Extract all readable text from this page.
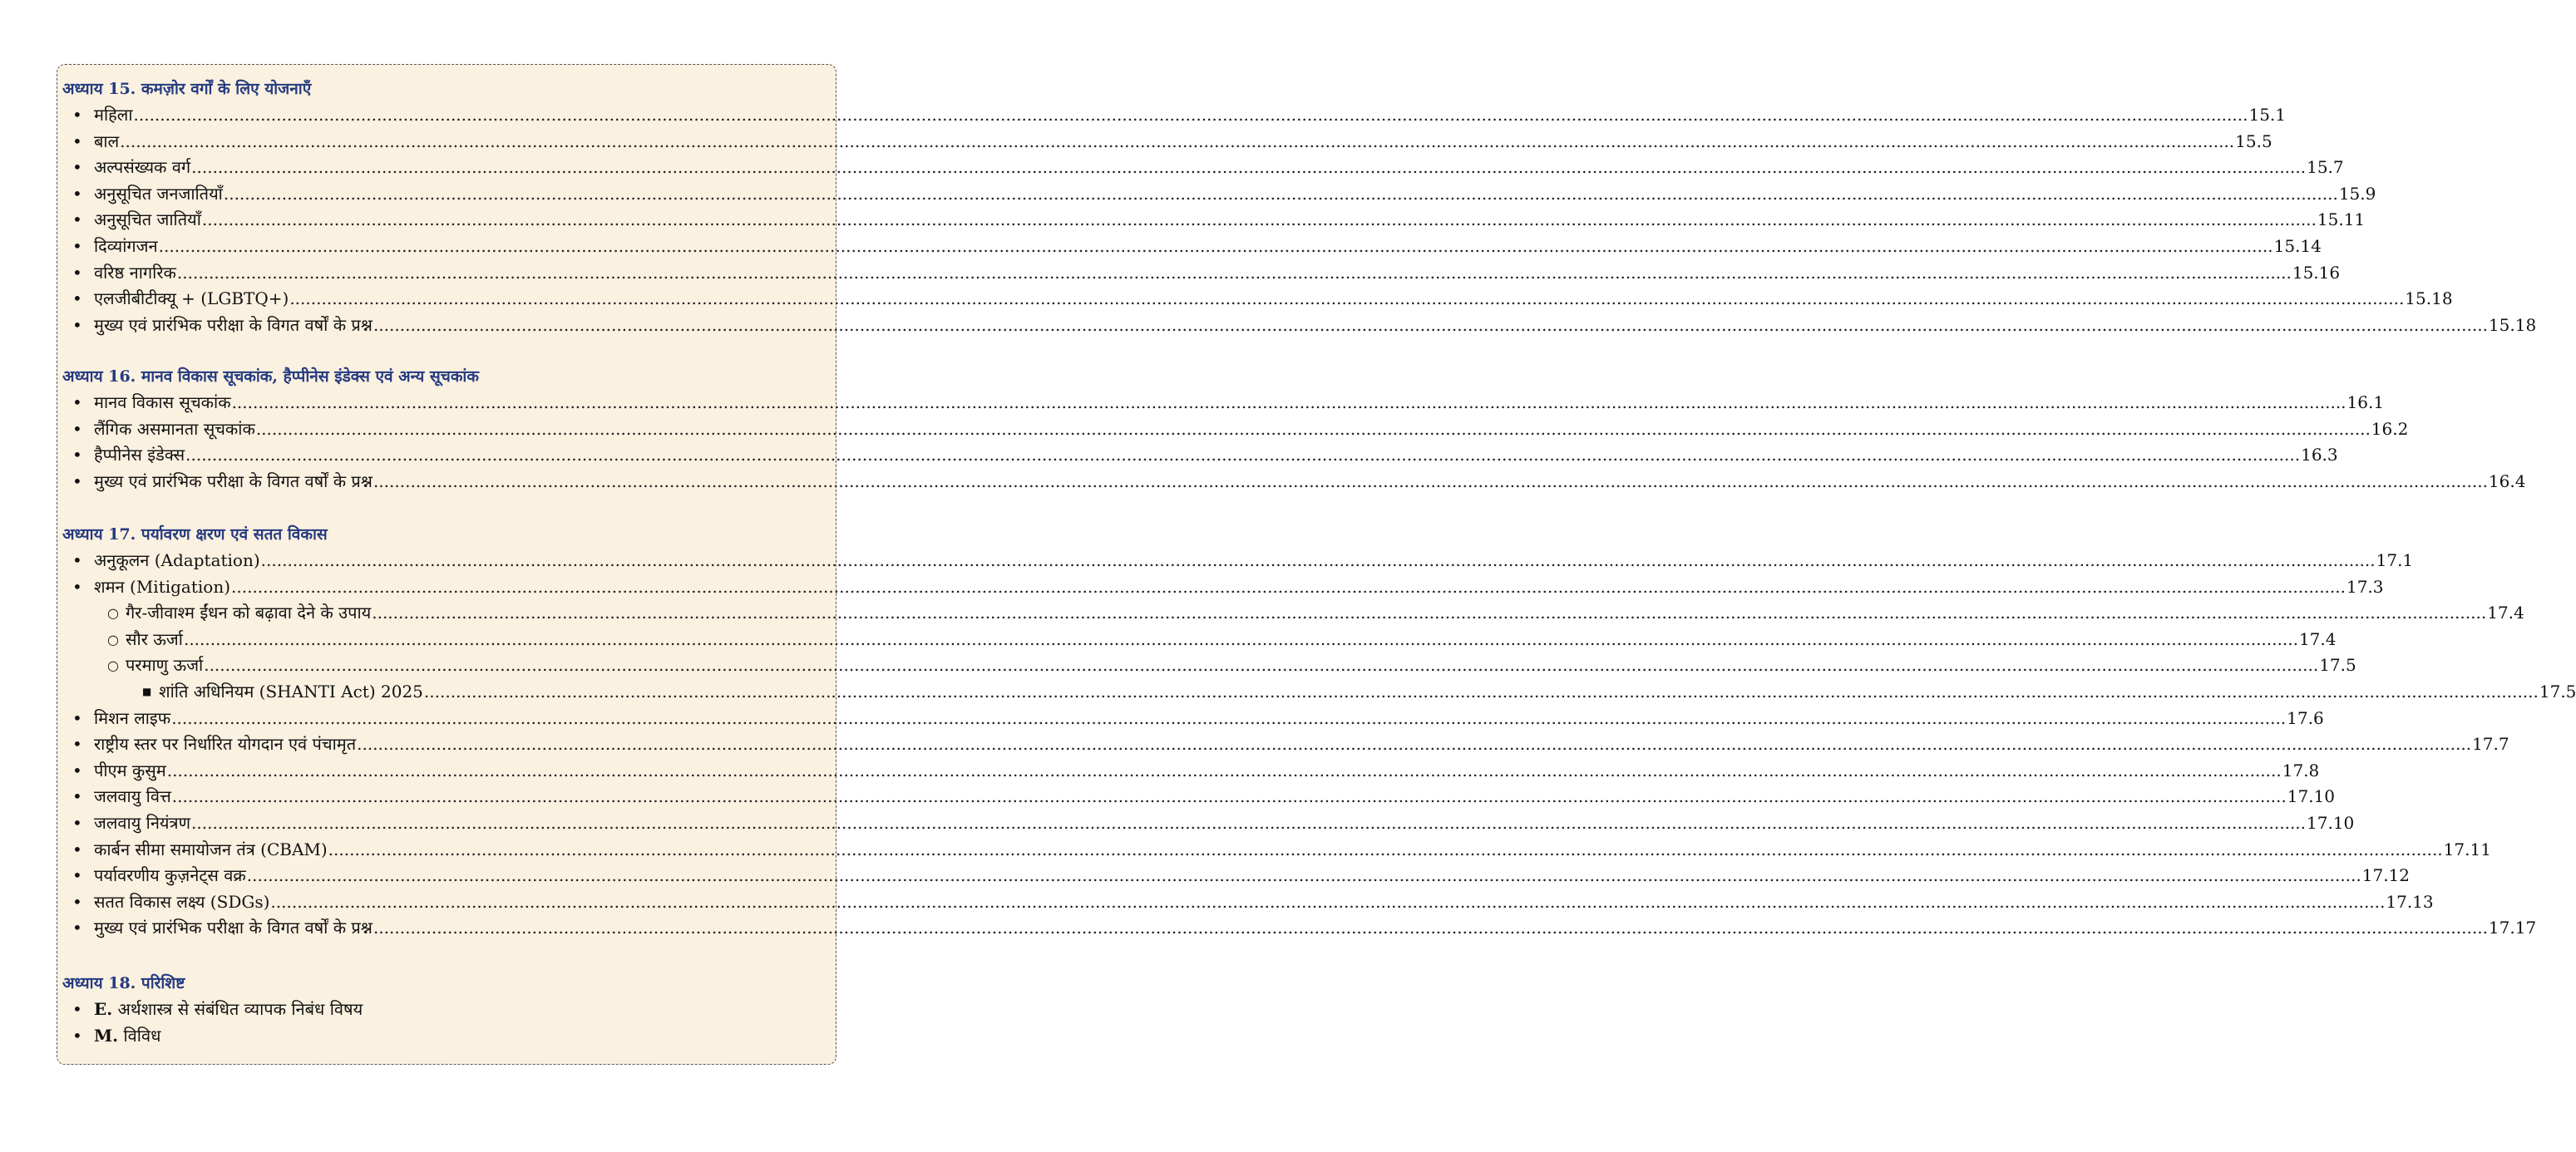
अध्याय 15. कमज़ोर वर्गों के लिए योजनाएँ
• महिला ................................................................................................................................................................................................................................................................................................................................................................................................................ 15.1
• बाल ................................................................................................................................................................................................................................................................................................................................................................................................................ 15.5
• अल्पसंख्यक वर्ग ................................................................................................................................................................................................................................................................................................................................................................................................................ 15.7
• अनुसूचित जनजातियाँ ................................................................................................................................................................................................................................................................................................................................................................................................................ 15.9
• अनुसूचित जातियाँ ................................................................................................................................................................................................................................................................................................................................................................................................................ 15.11
• दिव्यांगजन ................................................................................................................................................................................................................................................................................................................................................................................................................ 15.14
• वरिष्ठ नागरिक ................................................................................................................................................................................................................................................................................................................................................................................................................ 15.16
• एलजीबीटीक्यू + (LGBTQ+) ................................................................................................................................................................................................................................................................................................................................................................................................................ 15.18
• मुख्य एवं प्रारंभिक परीक्षा के विगत वर्षों के प्रश्न ................................................................................................................................................................................................................................................................................................................................................................................................................ 15.18
अध्याय 16. मानव विकास सूचकांक, हैप्पीनेस इंडेक्स एवं अन्य सूचकांक
• मानव विकास सूचकांक ................................................................................................................................................................................................................................................................................................................................................................................................................ 16.1
• लैंगिक असमानता सूचकांक ................................................................................................................................................................................................................................................................................................................................................................................................................ 16.2
• हैप्पीनेस इंडेक्स ................................................................................................................................................................................................................................................................................................................................................................................................................ 16.3
• मुख्य एवं प्रारंभिक परीक्षा के विगत वर्षों के प्रश्न ................................................................................................................................................................................................................................................................................................................................................................................................................ 16.4
अध्याय 17. पर्यावरण क्षरण एवं सतत विकास
• अनुकूलन (Adaptation) ................................................................................................................................................................................................................................................................................................................................................................................................................ 17.1
• शमन (Mitigation) ................................................................................................................................................................................................................................................................................................................................................................................................................ 17.3
○ गैर-जीवाश्म ईंधन को बढ़ावा देने के उपाय ................................................................................................................................................................................................................................................................................................................................................................................................................ 17.4
○ सौर ऊर्जा ................................................................................................................................................................................................................................................................................................................................................................................................................ 17.4
○ परमाणु ऊर्जा ................................................................................................................................................................................................................................................................................................................................................................................................................ 17.5
■ शांति अधिनियम (SHANTI Act) 2025 ................................................................................................................................................................................................................................................................................................................................................................................................................ 17.5
• मिशन लाइफ ................................................................................................................................................................................................................................................................................................................................................................................................................ 17.6
• राष्ट्रीय स्तर पर निर्धारित योगदान एवं पंचामृत ................................................................................................................................................................................................................................................................................................................................................................................................................ 17.7
• पीएम कुसुम ................................................................................................................................................................................................................................................................................................................................................................................................................ 17.8
• जलवायु वित्त ................................................................................................................................................................................................................................................................................................................................................................................................................ 17.10
• जलवायु नियंत्रण ................................................................................................................................................................................................................................................................................................................................................................................................................ 17.10
• कार्बन सीमा समायोजन तंत्र (CBAM) ................................................................................................................................................................................................................................................................................................................................................................................................................ 17.11
• पर्यावरणीय कुज़नेट्स वक्र ................................................................................................................................................................................................................................................................................................................................................................................................................ 17.12
• सतत विकास लक्ष्य (SDGs) ................................................................................................................................................................................................................................................................................................................................................................................................................ 17.13
• मुख्य एवं प्रारंभिक परीक्षा के विगत वर्षों के प्रश्न ................................................................................................................................................................................................................................................................................................................................................................................................................ 17.17
अध्याय 18. परिशिष्ट
• E. अर्थशास्त्र से संबंधित व्यापक निबंध विषय
• M. विविध
